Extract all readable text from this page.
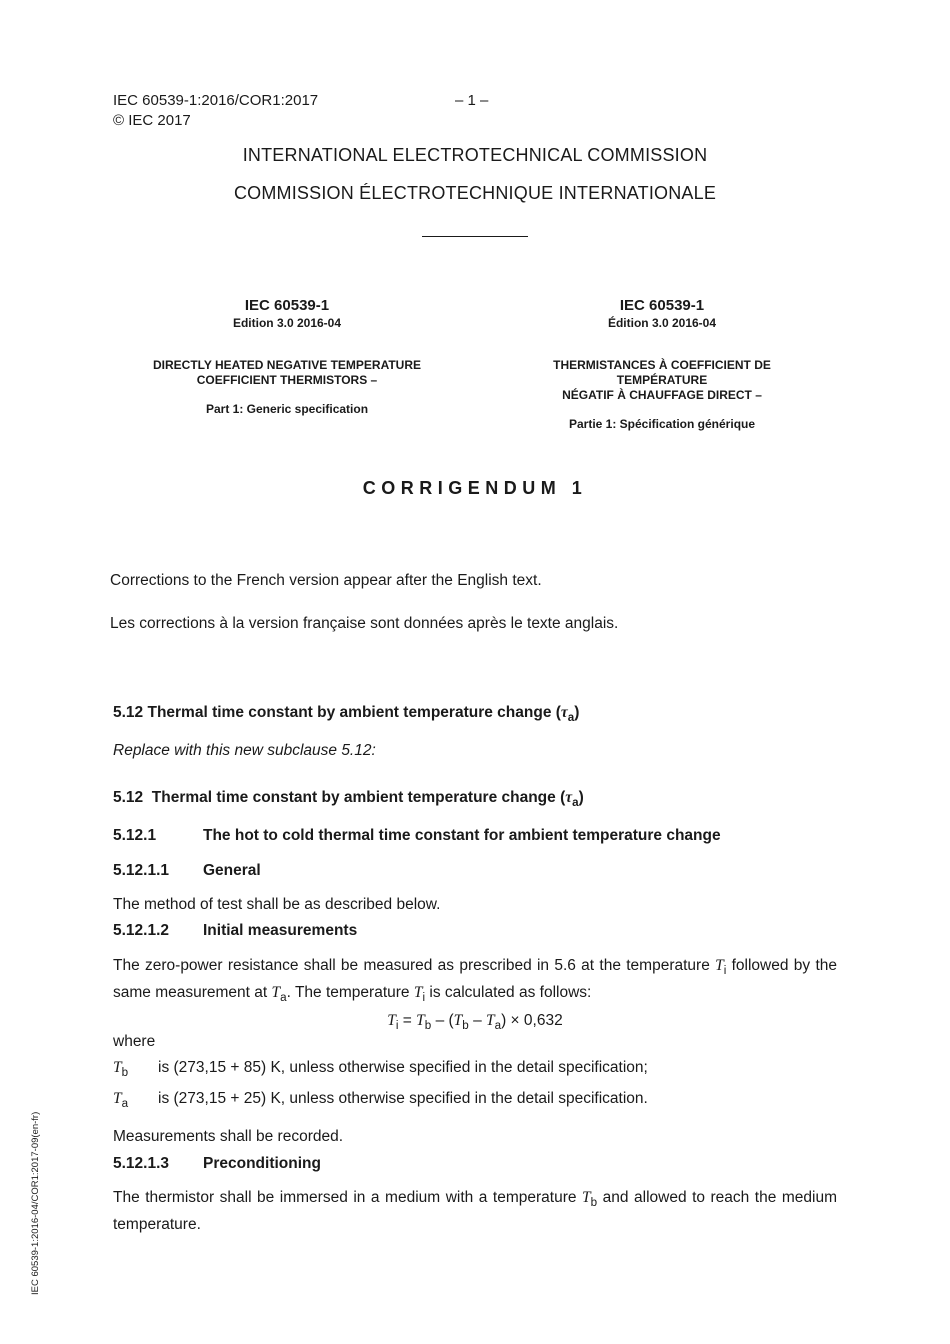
IEC 60539-1:2016/COR1:2017	– 1 –
© IEC 2017
INTERNATIONAL ELECTROTECHNICAL COMMISSION
COMMISSION ÉLECTROTECHNIQUE INTERNATIONALE
IEC 60539-1
Edition 3.0 2016-04
DIRECTLY HEATED NEGATIVE TEMPERATURE
COEFFICIENT THERMISTORS –
Part 1: Generic specification
IEC 60539-1
Édition 3.0 2016-04
THERMISTANCES À COEFFICIENT DE
TEMPÉRATURE
NÉGATIF À CHAUFFAGE DIRECT –
Partie 1: Spécification générique
CORRIGENDUM 1
Corrections to the French version appear after the English text.
Les corrections à la version française sont données après le texte anglais.
5.12 Thermal time constant by ambient temperature change $(\tau_a)$
Replace with this new subclause 5.12:
5.12 Thermal time constant by ambient temperature change $(\tau_a)$
5.12.1	The hot to cold thermal time constant for ambient temperature change
5.12.1.1 General
The method of test shall be as described below.
5.12.1.2 Initial measurements
The zero-power resistance shall be measured as prescribed in 5.6 at the temperature $T_i$ followed by the same measurement at $T_a$. The temperature $T_i$ is calculated as follows:
$T_i = T_b - (T_b - T_a) \times 0,632$
where
$T_b$ is (273,15 + 85) K, unless otherwise specified in the detail specification;
$T_a$ is (273,15 + 25) K, unless otherwise specified in the detail specification.
Measurements shall be recorded.
5.12.1.3 Preconditioning
The thermistor shall be immersed in a medium with a temperature $T_b$ and allowed to reach the medium temperature.
IEC 60539-1:2016-04/COR1:2017-09(en-fr)
